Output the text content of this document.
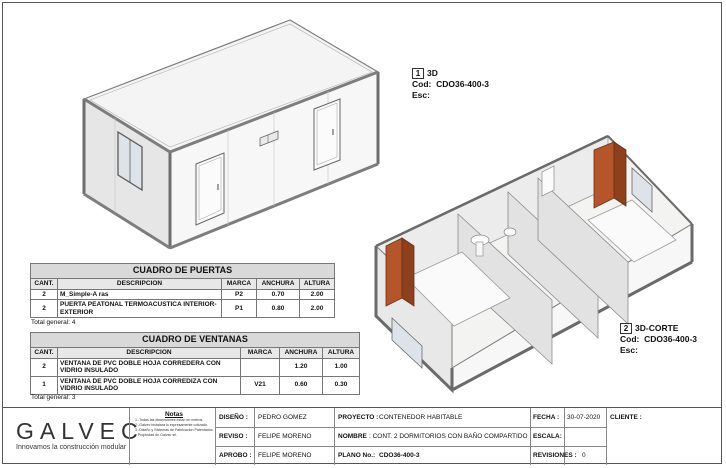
1 3D
Cod: CDO36-400-3
Esc:
2 3D-CORTE
Cod: CDO36-400-3
Esc:
CUADRO DE PUERTAS				
CANT.	DESCRIPCION	MARCA	ANCHURA	ALTURA
2	M_Simple-A ras	P2	0.70	2.00
2	PUERTA PEATONAL TERMOACUSTICA INTERIOR-EXTERIOR	P1	0.80	2.00
Total general: 4
CUADRO DE VENTANAS				
CANT.	DESCRIPCION	MARCA	ANCHURA	ALTURA
2	VENTANA DE PVC DOBLE HOJA CORREDERA CON VIDRIO INSULADO		1.20	1.00
1	VENTANA DE PVC DOBLE HOJA CORREDIZA CON VIDRIO INSULADO	V21	0.60	0.30
Total general: 3
GALVEC
Innovamos la construcción modular
Notas
1.-Todas las dimensiones estan en metros.
2.-Galvec instalara lo expresamente cotizado.
3.-Diseño y Sistemas de Fabricacion Patentados y Propiedad de Galvec srl.
DISEÑO : PEDRO GOMEZ
REVISO : FELIPE MORENO
APROBO : FELIPE MORENO
PROYECTO : CONTENEDOR HABITABLE
NOMBRE : CONT. 2 DORMITORIOS CON BAÑO COMPARTIDO
PLANO No.: CDO36-400-3
FECHA : 30-07-2020
ESCALA:
REVISIONES : 0
CLIENTE :
